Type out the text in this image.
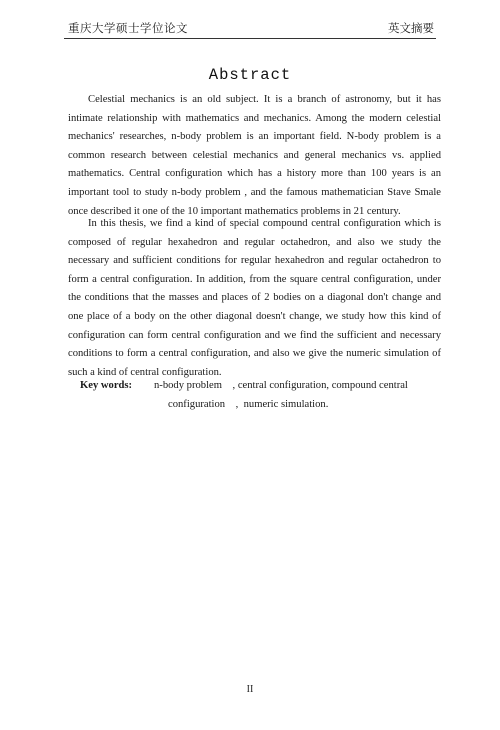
重庆大学硕士学位论文	英文摘要
Abstract

Celestial mechanics is an old subject. It is a branch of astronomy, but it has intimate relationship with mathematics and mechanics. Among the modern celestial mechanics' researches, n-body problem is an important field. N-body problem is a common research between celestial mechanics and general mechanics vs. applied mathematics. Central configuration which has a history more than 100 years is an important tool to study n-body problem , and the famous mathematician Stave Smale once described it one of the 10 important mathematics problems in 21 century.

In this thesis, we find a kind of special compound central configuration which is composed of regular hexahedron and regular octahedron, and also we study the necessary and sufficient conditions for regular hexahedron and regular octahedron to form a central configuration. In addition, from the square central configuration, under the conditions that the masses and places of 2 bodies on a diagonal don't change and one place of a body on the other diagonal doesn't change, we study how this kind of configuration can form central configuration and we find the sufficient and necessary conditions to form a central configuration, and also we give the numeric simulation of such a kind of central configuration.

Key words: n-body problem    , central configuration, compound central
configuration    ,  numeric simulation.
II
